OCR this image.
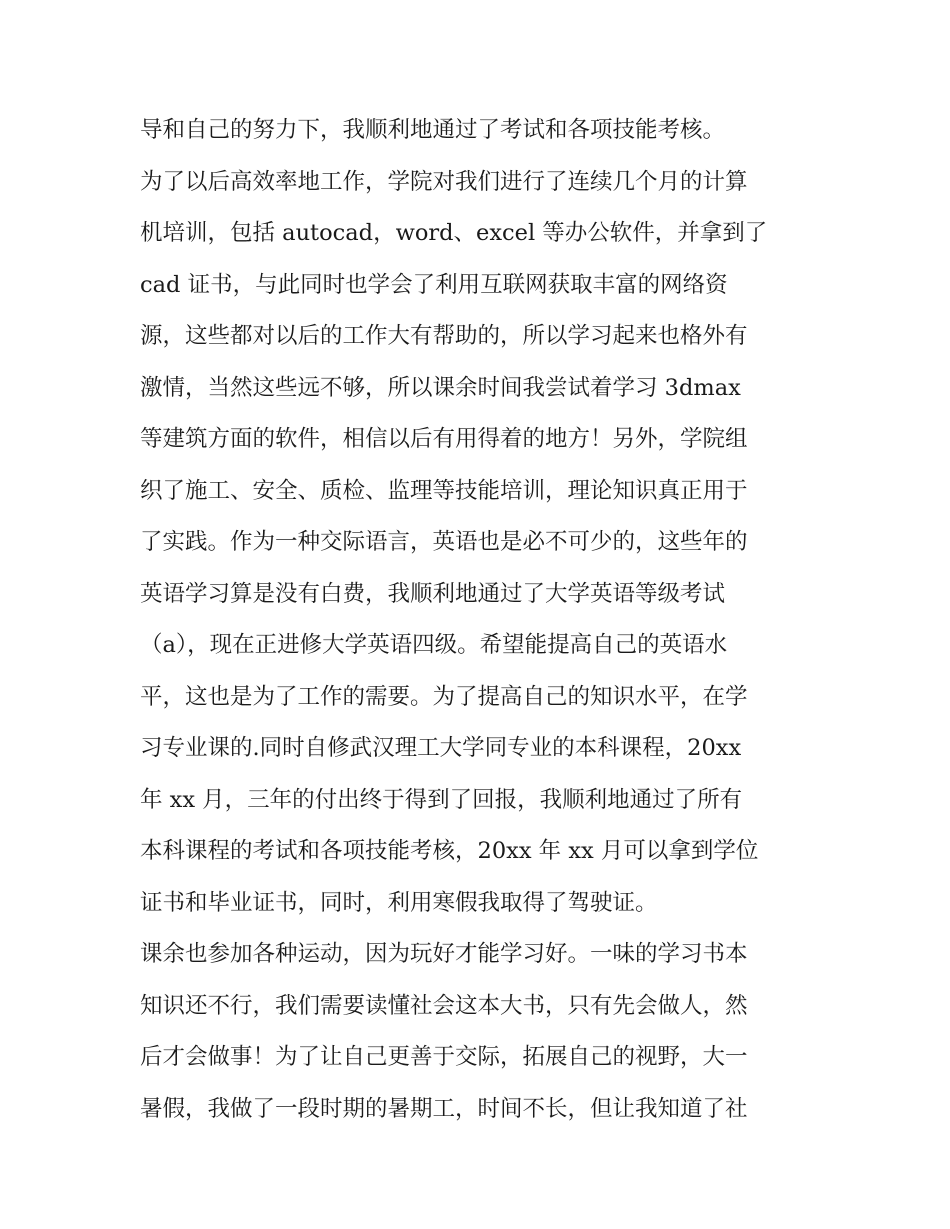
导和自己的努力下，我顺利地通过了考试和各项技能考核。
为了以后高效率地工作，学院对我们进行了连续几个月的计算
机培训，包括 autocad，word、excel 等办公软件，并拿到了
cad 证书，与此同时也学会了利用互联网获取丰富的网络资
源，这些都对以后的工作大有帮助的，所以学习起来也格外有
激情，当然这些远不够，所以课余时间我尝试着学习 3dmax
等建筑方面的软件，相信以后有用得着的地方！另外，学院组
织了施工、安全、质检、监理等技能培训，理论知识真正用于
了实践。作为一种交际语言，英语也是必不可少的，这些年的
英语学习算是没有白费，我顺利地通过了大学英语等级考试
（a），现在正进修大学英语四级。希望能提高自己的英语水
平，这也是为了工作的需要。为了提高自己的知识水平，在学
习专业课的.同时自修武汉理工大学同专业的本科课程，20xx
年 xx 月，三年的付出终于得到了回报，我顺利地通过了所有
本科课程的考试和各项技能考核，20xx 年 xx 月可以拿到学位
证书和毕业证书，同时，利用寒假我取得了驾驶证。
课余也参加各种运动，因为玩好才能学习好。一味的学习书本
知识还不行，我们需要读懂社会这本大书，只有先会做人，然
后才会做事！为了让自己更善于交际，拓展自己的视野，大一
暑假，我做了一段时期的暑期工，时间不长，但让我知道了社
